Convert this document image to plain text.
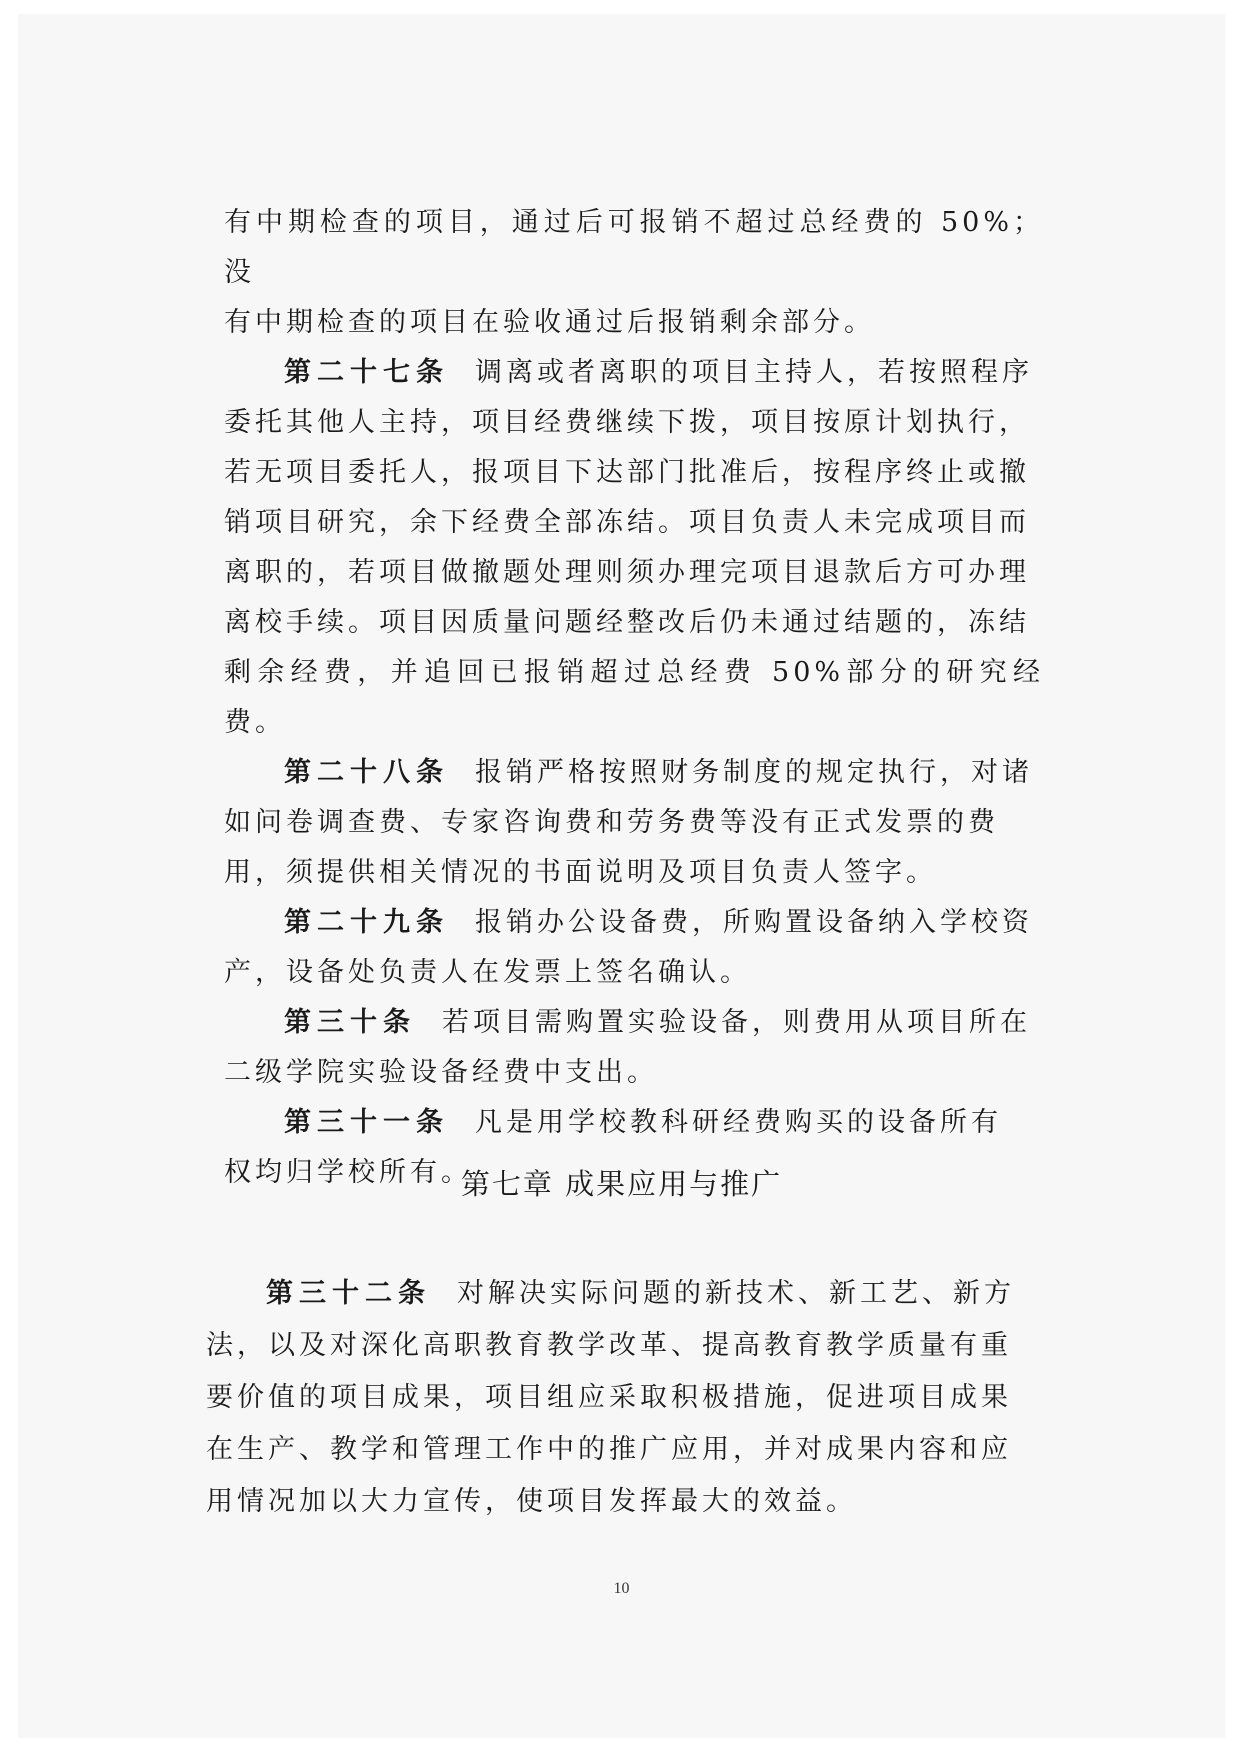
有中期检查的项目，通过后可报销不超过总经费的 50%；没
有中期检查的项目在验收通过后报销剩余部分。

第二十七条 调离或者离职的项目主持人，若按照程序
委托其他人主持，项目经费继续下拨，项目按原计划执行，
若无项目委托人，报项目下达部门批准后，按程序终止或撤
销项目研究，余下经费全部冻结。项目负责人未完成项目而
离职的，若项目做撤题处理则须办理完项目退款后方可办理
离校手续。项目因质量问题经整改后仍未通过结题的，冻结
剩余经费，并追回已报销超过总经费 50%部分的研究经费。

第二十八条 报销严格按照财务制度的规定执行，对诸
如问卷调查费、专家咨询费和劳务费等没有正式发票的费
用，须提供相关情况的书面说明及项目负责人签字。

第二十九条 报销办公设备费，所购置设备纳入学校资
产，设备处负责人在发票上签名确认。

第三十条 若项目需购置实验设备，则费用从项目所在
二级学院实验设备经费中支出。

第三十一条 凡是用学校教科研经费购买的设备所有
权均归学校所有。

第七章 成果应用与推广

第三十二条 对解决实际问题的新技术、新工艺、新方
法，以及对深化高职教育教学改革、提高教育教学质量有重
要价值的项目成果，项目组应采取积极措施，促进项目成果
在生产、教学和管理工作中的推广应用，并对成果内容和应
用情况加以大力宣传，使项目发挥最大的效益。

10
